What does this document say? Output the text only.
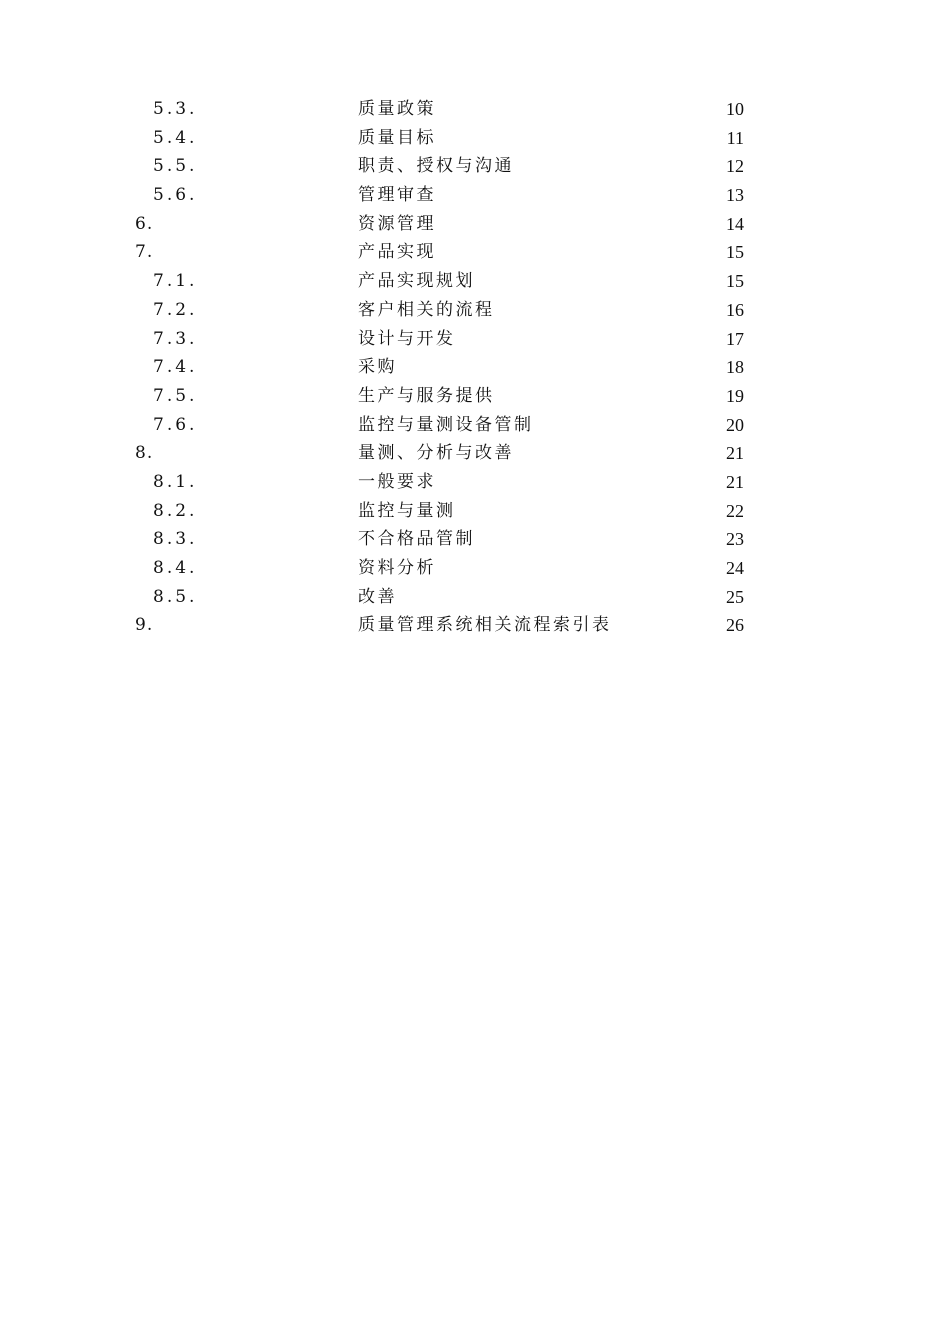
5.3.	质量政策	10
5.4.	质量目标	11
5.5.	职责、授权与沟通	12
5.6.	管理审查	13
6.	资源管理	14
7.	产品实现	15
7.1.	产品实现规划	15
7.2.	客户相关的流程	16
7.3.	设计与开发	17
7.4.	采购	18
7.5.	生产与服务提供	19
7.6.	监控与量测设备管制	20
8.	量测、分析与改善	21
8.1.	一般要求	21
8.2.	监控与量测	22
8.3.	不合格品管制	23
8.4.	资料分析	24
8.5.	改善	25
9.	质量管理系统相关流程索引表	26
